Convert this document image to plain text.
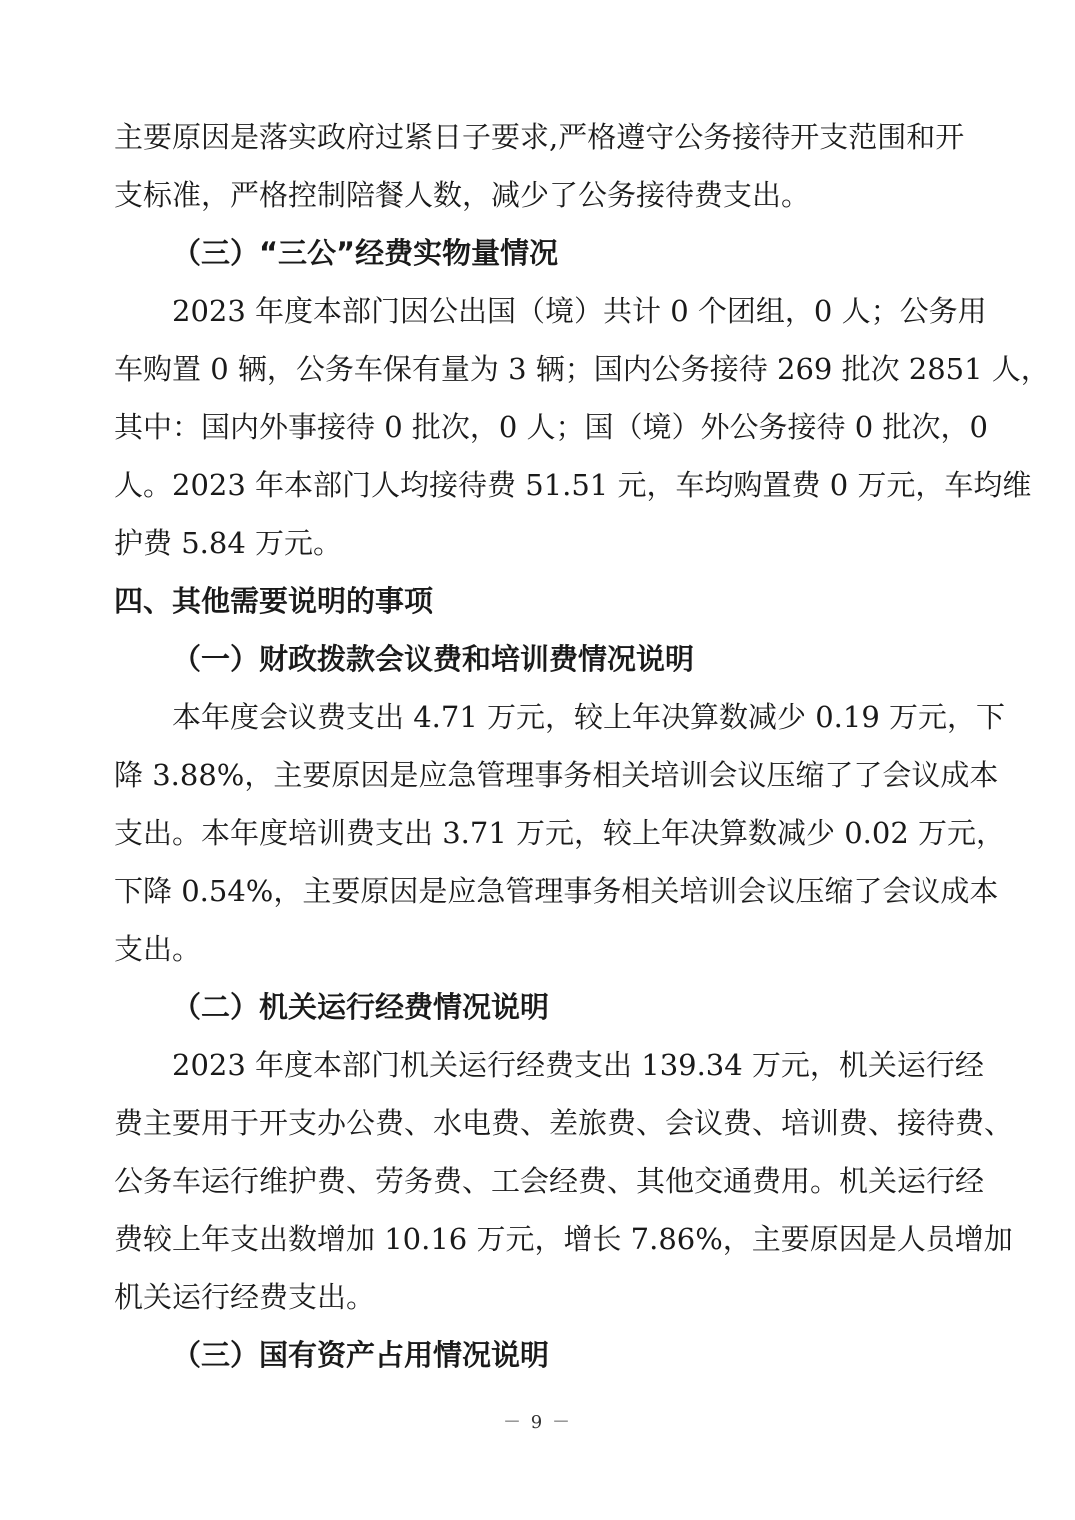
主要原因是落实政府过紧日子要求,严格遵守公务接待开支范围和开
支标准，严格控制陪餐人数，减少了公务接待费支出。
（三）“三公”经费实物量情况
2023 年度本部门因公出国（境）共计 0 个团组，0 人；公务用
车购置 0 辆，公务车保有量为 3 辆；国内公务接待 269 批次 2851 人，
其中：国内外事接待 0 批次，0 人；国（境）外公务接待 0 批次，0
人。2023 年本部门人均接待费 51.51 元，车均购置费 0 万元，车均维
护费 5.84 万元。
四、其他需要说明的事项
（一）财政拨款会议费和培训费情况说明
本年度会议费支出 4.71 万元，较上年决算数减少 0.19 万元，下
降 3.88%，主要原因是应急管理事务相关培训会议压缩了了会议成本
支出。本年度培训费支出 3.71 万元，较上年决算数减少 0.02 万元，
下降 0.54%，主要原因是应急管理事务相关培训会议压缩了会议成本
支出。
（二）机关运行经费情况说明
2023 年度本部门机关运行经费支出 139.34 万元，机关运行经
费主要用于开支办公费、水电费、差旅费、会议费、培训费、接待费、
公务车运行维护费、劳务费、工会经费、其他交通费用。机关运行经
费较上年支出数增加 10.16 万元，增长 7.86%，主要原因是人员增加
机关运行经费支出。
（三）国有资产占用情况说明
－ 9 －
